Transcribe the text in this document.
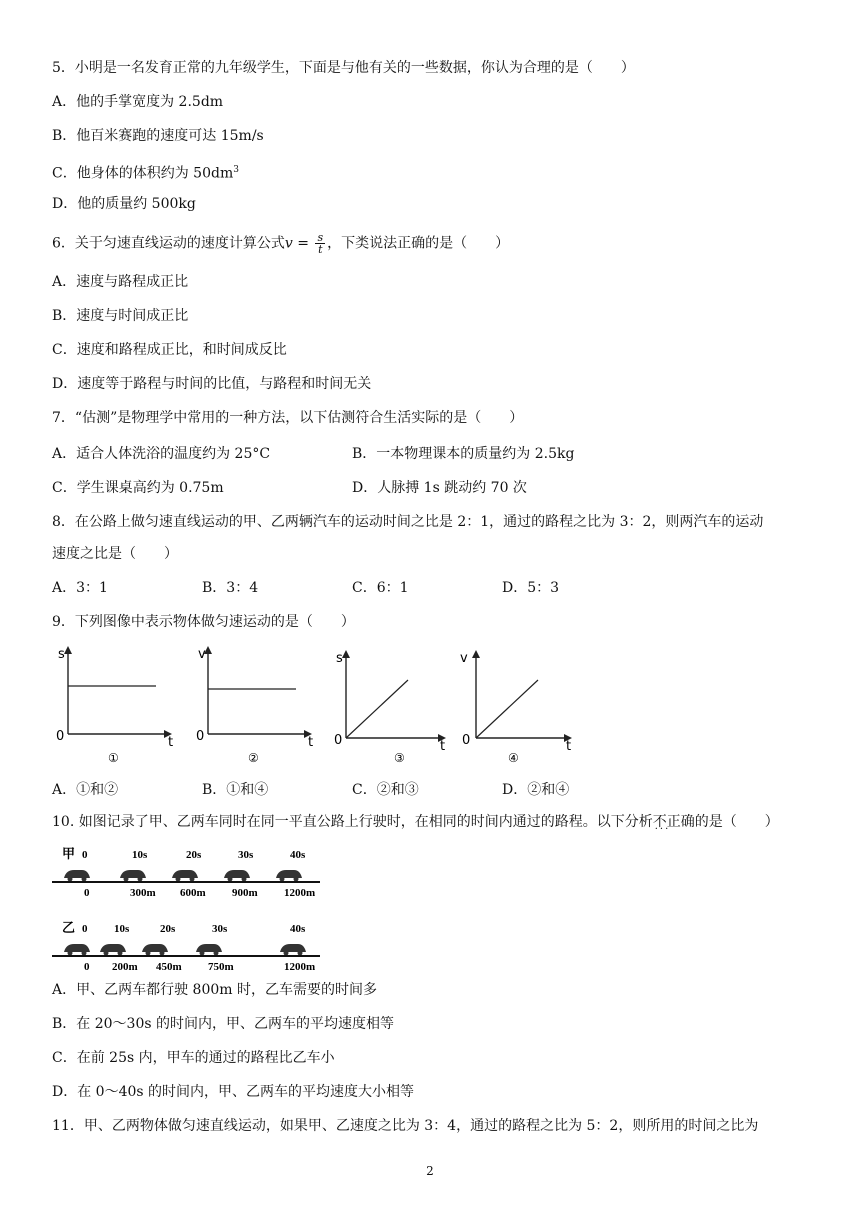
5．小明是一名发育正常的九年级学生，下面是与他有关的一些数据，你认为合理的是（　　）
A．他的手掌宽度为 2.5dm
B．他百米赛跑的速度可达 15m/s
C．他身体的体积约为 $50dm^3$
D．他的质量约 500kg
6．关于匀速直线运动的速度计算公式$v = \frac{s}{t}$ ，下类说法正确的是（　　）
A．速度与路程成正比
B．速度与时间成正比
C．速度和路程成正比，和时间成反比
D．速度等于路程与时间的比值，与路程和时间无关
7．“估测”是物理学中常用的一种方法，以下估测符合生活实际的是（　　）
A．适合人体洗浴的温度约为 25°C	B．一本物理课本的质量约为 2.5kg
C．学生课桌高约为 0.75m	D．人脉搏 1s 跳动约 70 次
8．在公路上做匀速直线运动的甲、乙两辆汽车的运动时间之比是 2：1，通过的路程之比为 3：2，则两汽车的运动
速度之比是（　　）
A．3：1	B．3：4	C．6：1	D．5：3
9．下列图像中表示物体做匀速运动的是（　　）
s
t
0
①
v
t
0
②
s
t
0
③
v
t
0
④
A．①和②	B．①和④	C．②和③	D．②和④
10. 如图记录了甲、乙两车同时在同一平直公路上行驶时，在相同的时间内通过的路程。以下分析不正确 ···的是（　　）
甲 0	10s	20s	30s	40s
0	300m 600m 900m 1200m
乙 0 10s	20s	30s	40s
0 200m 450m 750m	1200m
A．甲、乙两车都行驶 800m 时，乙车需要的时间多
B．在 20～30s 的时间内，甲、乙两车的平均速度相等
C．在前 25s 内，甲车的通过的路程比乙车小
D．在 0～40s 的时间内，甲、乙两车的平均速度大小相等
11．甲、乙两物体做匀速直线运动，如果甲、乙速度之比为 3：4，通过的路程之比为 5：2，则所用的时间之比为
2
